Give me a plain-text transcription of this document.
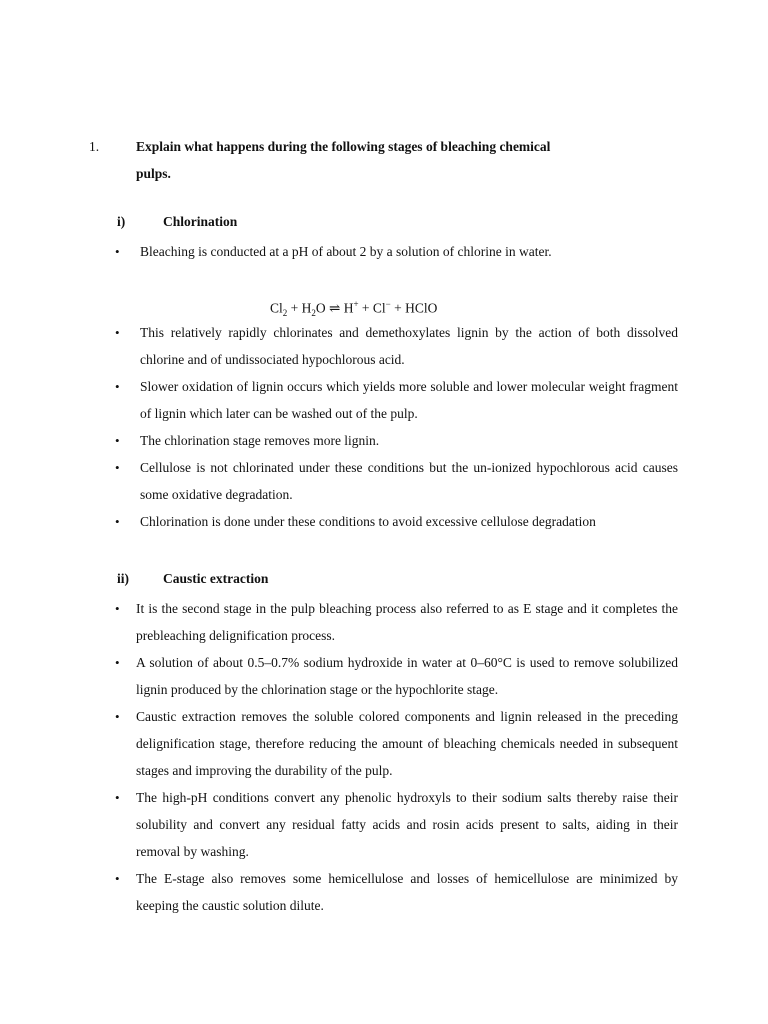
1.	Explain what happens during the following stages of bleaching chemical pulps.
i)	Chlorination
• Bleaching is conducted at a pH of about 2 by a solution of chlorine in water.
$Cl_2 + H_2O$ ⇌ H+ + Cl− + HClO
• This relatively rapidly chlorinates and demethoxylates lignin by the action of both dissolved chlorine and of undissociated hypochlorous acid.
• Slower oxidation of lignin occurs which yields more soluble and lower molecular weight fragment of lignin which later can be washed out of the pulp.
• The chlorination stage removes more lignin.
• Cellulose is not chlorinated under these conditions but the un-ionized hypochlorous acid causes some oxidative degradation.
• Chlorination is done under these conditions to avoid excessive cellulose degradation
ii)	Caustic extraction
• It is the second stage in the pulp bleaching process also referred to as E stage and it completes the prebleaching delignification process.
• A solution of about 0.5–0.7% sodium hydroxide in water at 0–60°C is used to remove solubilized lignin produced by the chlorination stage or the hypochlorite stage.
• Caustic extraction removes the soluble colored components and lignin released in the preceding delignification stage, therefore reducing the amount of bleaching chemicals needed in subsequent stages and improving the durability of the pulp.
• The high-pH conditions convert any phenolic hydroxyls to their sodium salts thereby raise their solubility and convert any residual fatty acids and rosin acids present to salts, aiding in their removal by washing.
• The E-stage also removes some hemicellulose and losses of hemicellulose are minimized by keeping the caustic solution dilute.
